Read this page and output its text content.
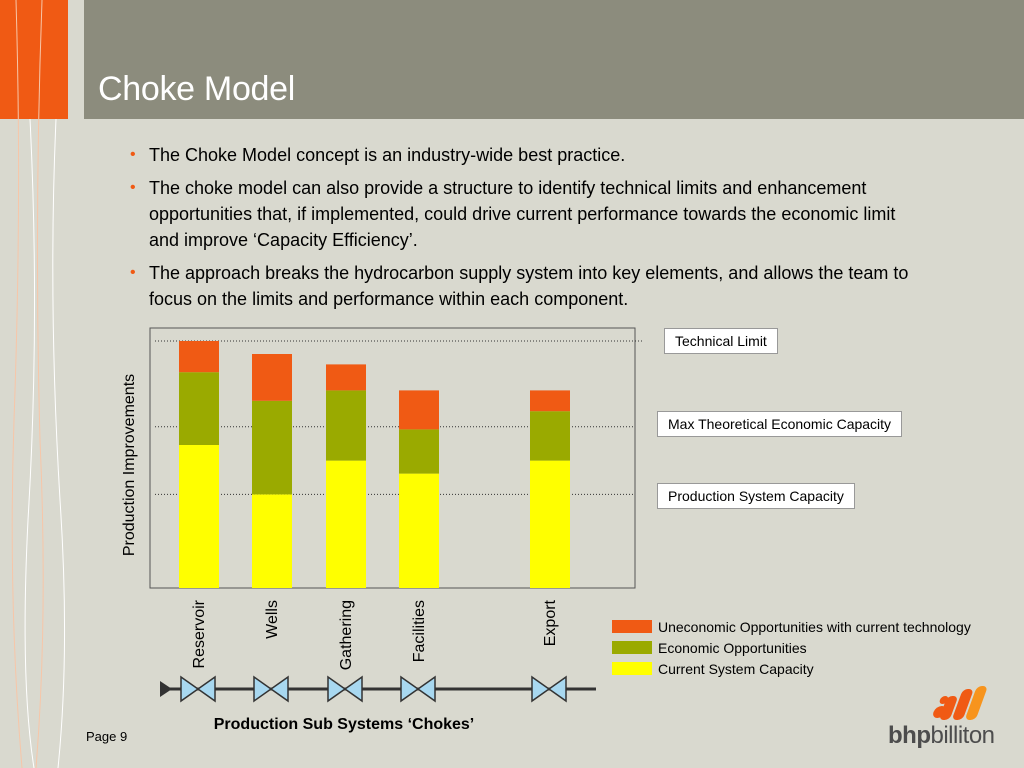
Choke Model
• The Choke Model concept is an industry-wide best practice.
• The choke model can also provide a structure to identify technical limits and enhancement opportunities that, if implemented, could drive current performance towards the economic limit and improve ‘Capacity Efficiency’.
• The approach breaks the hydrocarbon supply system into key elements, and allows the team to focus on the limits and performance within each component.
Reservoir	Wells	Gathering	Facilities	Export
Production Improvements
Production Sub Systems ‘Chokes’
Technical Limit
Max Theoretical Economic Capacity
Production System Capacity
Uneconomic Opportunities with current technology
Economic Opportunities
Current System Capacity
Page 9	bhpbilliton
